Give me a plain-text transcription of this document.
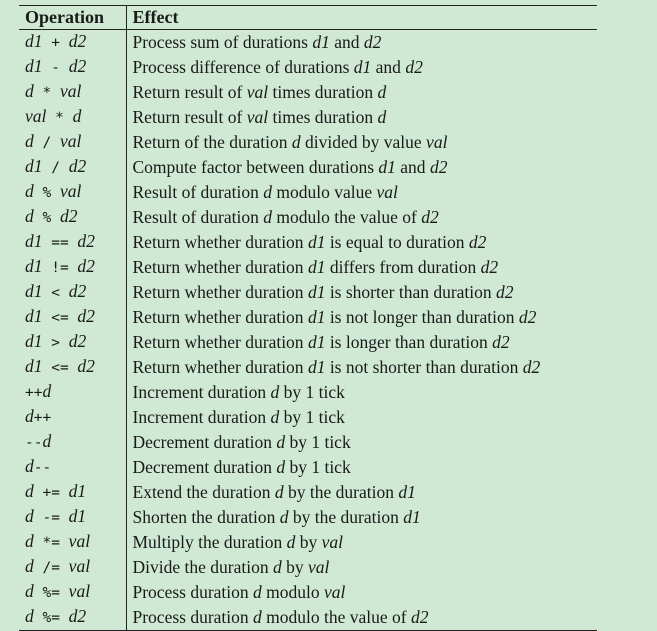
Operation	Effect
d1 + d2	Process sum of durations d1 and d2
d1 - d2	Process difference of durations d1 and d2
d * val	Return result of val times duration d
val * d	Return result of val times duration d
d / val	Return of the duration d divided by value val
d1 / d2	Compute factor between durations d1 and d2
d % val	Result of duration d modulo value val
d % d2	Result of duration d modulo the value of d2
d1 == d2	Return whether duration d1 is equal to duration d2
d1 != d2	Return whether duration d1 differs from duration d2
d1 < d2	Return whether duration d1 is shorter than duration d2
d1 <= d2	Return whether duration d1 is not longer than duration d2
d1 > d2	Return whether duration d1 is longer than duration d2
d1 <= d2	Return whether duration d1 is not shorter than duration d2
++d	Increment duration d by 1 tick
d++	Increment duration d by 1 tick
--d	Decrement duration d by 1 tick
d--	Decrement duration d by 1 tick
d += d1	Extend the duration d by the duration d1
d -= d1	Shorten the duration d by the duration d1
d *= val	Multiply the duration d by val
d /= val	Divide the duration d by val
d %= val	Process duration d modulo val
d %= d2	Process duration d modulo the value of d2
